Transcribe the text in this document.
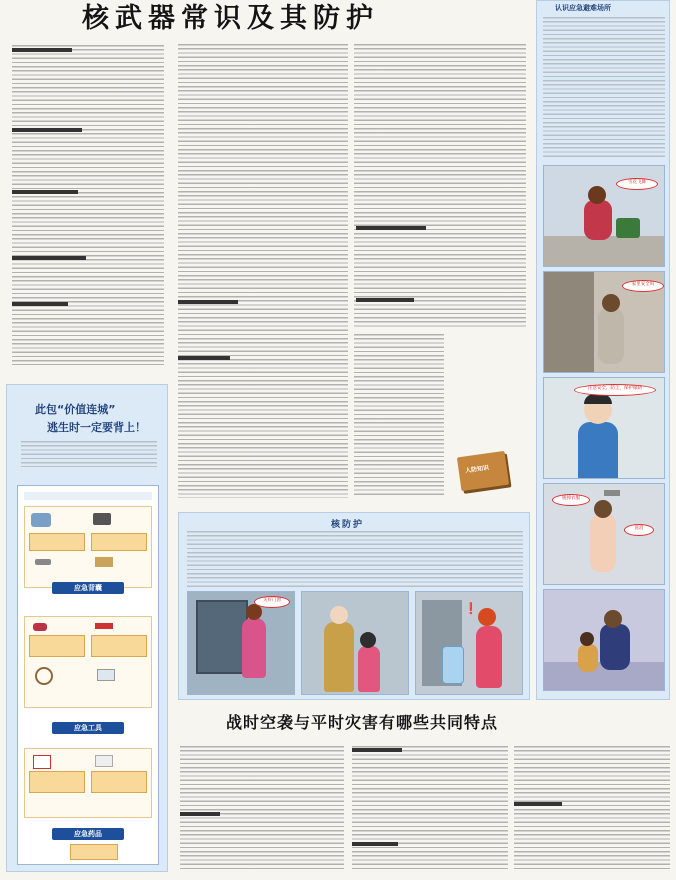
核武器常识及其防护
此包“价值连城”
逃生时一定要背上！
应急背囊
应急工具
应急药品
人防知识
核防护
关好门窗
❗
认识应急避难场所
雪花飞舞
家里安全吗
注意安全，防尘，保护眼睛
脱掉衣服
洗消
战时空袭与平时灾害有哪些共同特点
